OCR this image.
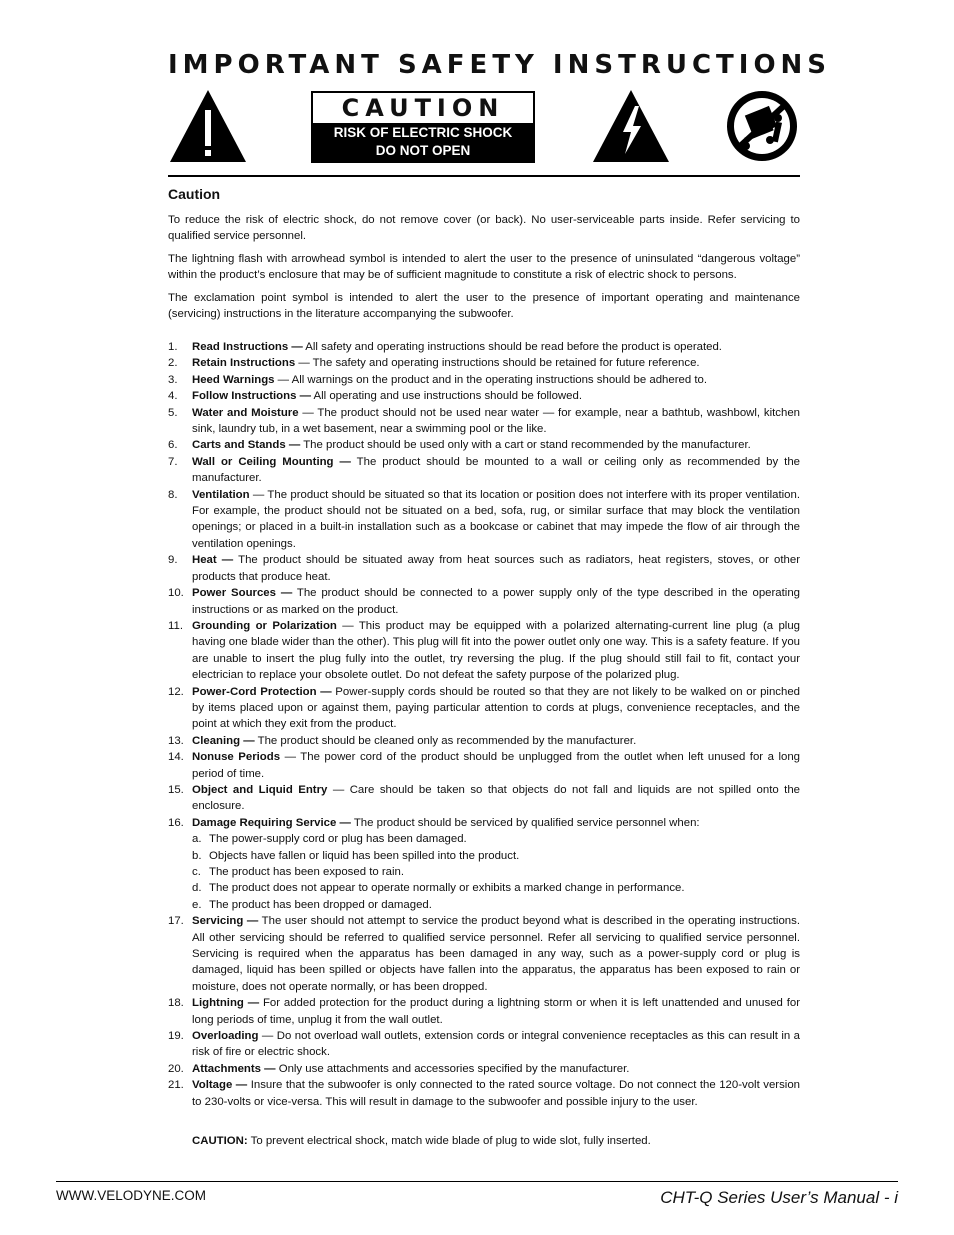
IMPORTANT SAFETY INSTRUCTIONS
CAUTION
RISK OF ELECTRIC SHOCK
DO NOT OPEN
Caution

To reduce the risk of electric shock, do not remove cover (or back). No user-serviceable parts inside. Refer servicing to qualified service personnel.

The lightning flash with arrowhead symbol is intended to alert the user to the presence of uninsulated “dangerous voltage” within the product’s enclosure that may be of sufficient magnitude to constitute a risk of electric shock to persons.

The exclamation point symbol is intended to alert the user to the presence of important operating and maintenance (servicing) instructions in the literature accompanying the subwoofer.

1. Read Instructions — All safety and operating instructions should be read before the product is operated.
2. Retain Instructions — The safety and operating instructions should be retained for future reference.
3. Heed Warnings — All warnings on the product and in the operating instructions should be adhered to.
4. Follow Instructions — All operating and use instructions should be followed.
5. Water and Moisture — The product should not be used near water — for example, near a bathtub, washbowl, kitchen sink, laundry tub, in a wet basement, near a swimming pool or the like.
6. Carts and Stands — The product should be used only with a cart or stand recommended by the manufacturer.
7. Wall or Ceiling Mounting — The product should be mounted to a wall or ceiling only as recommended by the manufacturer.
8. Ventilation — The product should be situated so that its location or position does not interfere with its proper ventilation. For example, the product should not be situated on a bed, sofa, rug, or similar surface that may block the ventilation openings; or placed in a built-in installation such as a bookcase or cabinet that may impede the flow of air through the ventilation openings.
9. Heat — The product should be situated away from heat sources such as radiators, heat registers, stoves, or other products that produce heat.
10. Power Sources — The product should be connected to a power supply only of the type described in the operating instructions or as marked on the product.
11. Grounding or Polarization — This product may be equipped with a polarized alternating-current line plug (a plug having one blade wider than the other). This plug will fit into the power outlet only one way. This is a safety feature. If you are unable to insert the plug fully into the outlet, try reversing the plug. If the plug should still fail to fit, contact your electrician to replace your obsolete outlet. Do not defeat the safety purpose of the polarized plug.
12. Power-Cord Protection — Power-supply cords should be routed so that they are not likely to be walked on or pinched by items placed upon or against them, paying particular attention to cords at plugs, convenience receptacles, and the point at which they exit from the product.
13. Cleaning — The product should be cleaned only as recommended by the manufacturer.
14. Nonuse Periods — The power cord of the product should be unplugged from the outlet when left unused for a long period of time.
15. Object and Liquid Entry — Care should be taken so that objects do not fall and liquids are not spilled onto the enclosure.
16. Damage Requiring Service — The product should be serviced by qualified service personnel when:
a. The power-supply cord or plug has been damaged.
b. Objects have fallen or liquid has been spilled into the product.
c. The product has been exposed to rain.
d. The product does not appear to operate normally or exhibits a marked change in performance.
e. The product has been dropped or damaged.
17. Servicing — The user should not attempt to service the product beyond what is described in the operating instructions. All other servicing should be referred to qualified service personnel. Refer all servicing to qualified service personnel. Servicing is required when the apparatus has been damaged in any way, such as a power-supply cord or plug is damaged, liquid has been spilled or objects have fallen into the apparatus, the apparatus has been exposed to rain or moisture, does not operate normally, or has been dropped.
18. Lightning — For added protection for the product during a lightning storm or when it is left unattended and unused for long periods of time, unplug it from the wall outlet.
19. Overloading — Do not overload wall outlets, extension cords or integral convenience receptacles as this can result in a risk of fire or electric shock.
20. Attachments — Only use attachments and accessories specified by the manufacturer.
21. Voltage — Insure that the subwoofer is only connected to the rated source voltage. Do not connect the 120-volt version to 230-volts or vice-versa. This will result in damage to the subwoofer and possible injury to the user.

CAUTION: To prevent electrical shock, match wide blade of plug to wide slot, fully inserted.

WWW.VELODYNE.COM	CHT-Q Series User’s Manual - i
